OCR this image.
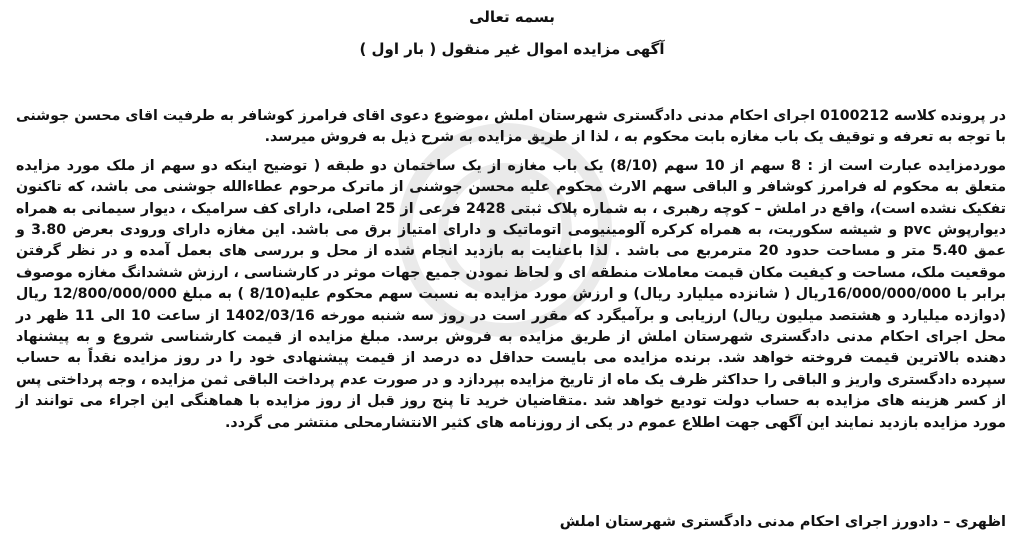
بسمه تعالی
آگهی مزایده اموال غیر منقول ( بار اول )

در پرونده کلاسه 0100212 اجرای احکام مدنی دادگستری شهرستان املش ،موضوع دعوی اقای فرامرز کوشافر به طرفیت اقای محسن جوشنی با توجه به تعرفه و توقیف یک باب مغازه بابت محکوم به ، لذا از طریق مزایده به شرح ذیل به فروش میرسد.

موردمزایده عبارت است از : 8 سهم از 10 سهم (8/10) یک باب مغازه از یک ساختمان دو طبقه ( توضیح اینکه دو سهم از ملک مورد مزایده متعلق به محکوم له فرامرز کوشافر و الباقی سهم الارث محکوم علیه محسن جوشنی از ماترک مرحوم عطاءالله جوشنی می باشد، که تاکنون تفکیک نشده است)، واقع در املش – کوچه رهبری ، به شماره پلاک ثبتی 2428 فرعی از 25 اصلی، دارای کف سرامیک ، دیوار سیمانی به همراه دیوارپوش pvc و شیشه سکوریت، به همراه کرکره آلومینیومی اتوماتیک و دارای امتیاز برق می باشد. این مغازه دارای ورودی بعرض 3.80 و عمق 5.40 متر و مساحت حدود 20 مترمربع می باشد . لذا باعنایت به بازدید انجام شده از محل و بررسی های بعمل آمده و در نظر گرفتن موقعیت ملک، مساحت و کیفیت مکان قیمت معاملات منطقه ای و لحاظ نمودن جمیع جهات موثر در کارشناسی ، ارزش ششدانگ مغازه موصوف برابر با 16/000/000/000ریال ( شانزده میلیارد ریال) و ارزش مورد مزایده به نسبت سهم محکوم علیه(8/10 ) به مبلغ 12/800/000/000 ریال (دوازده میلیارد و هشتصد میلیون ریال) ارزیابی و برآمیگرد که مقرر است در روز سه شنبه مورخه 1402/03/16 از ساعت 10 الی 11 ظهر در محل اجرای احکام مدنی دادگستری شهرستان املش از طریق مزایده به فروش برسد. مبلغ مزایده از قیمت کارشناسی شروع و به پیشنهاد دهنده بالاترین قیمت فروخته خواهد شد. برنده مزایده می بایست حداقل ده درصد از قیمت پیشنهادی خود را در روز مزایده نقداً به حساب سپرده دادگستری واریز و الباقی را حداکثر ظرف یک ماه از تاریخ مزایده بپردازد و در صورت عدم پرداخت الباقی ثمن مزایده ، وجه پرداختی پس از کسر هزینه های مزایده به حساب دولت تودیع خواهد شد .متقاضیان خرید تا پنج روز قبل از روز مزایده با هماهنگی این اجراء می توانند از مورد مزایده بازدید نمایند این آگهی جهت اطلاع عموم در یکی از روزنامه های کثیر الانتشارمحلی منتشر می گردد.

اظهری – دادورز اجرای احکام مدنی دادگستری شهرستان املش
